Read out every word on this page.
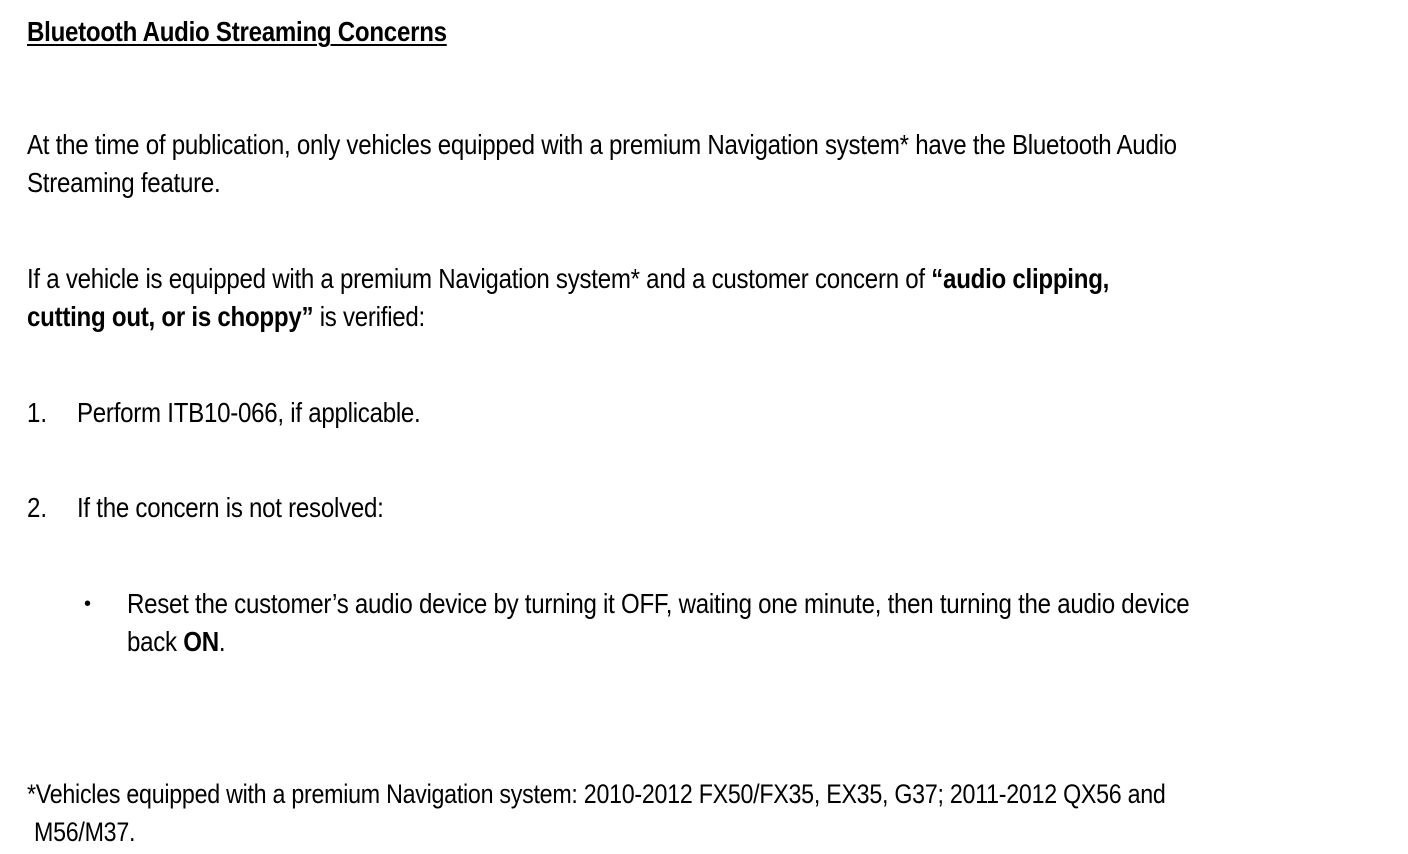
Bluetooth Audio Streaming Concerns
At the time of publication, only vehicles equipped with a premium Navigation system* have the Bluetooth Audio
Streaming feature.
If a vehicle is equipped with a premium Navigation system* and a customer concern of “audio clipping,
cutting out, or is choppy” is verified:
1. Perform ITB10-066, if applicable.
2. If the concern is not resolved:
• Reset the customer’s audio device by turning it OFF, waiting one minute, then turning the audio device
back ON.
*Vehicles equipped with a premium Navigation system: 2010-2012 FX50/FX35, EX35, G37; 2011-2012 QX56 and
M56/M37.
